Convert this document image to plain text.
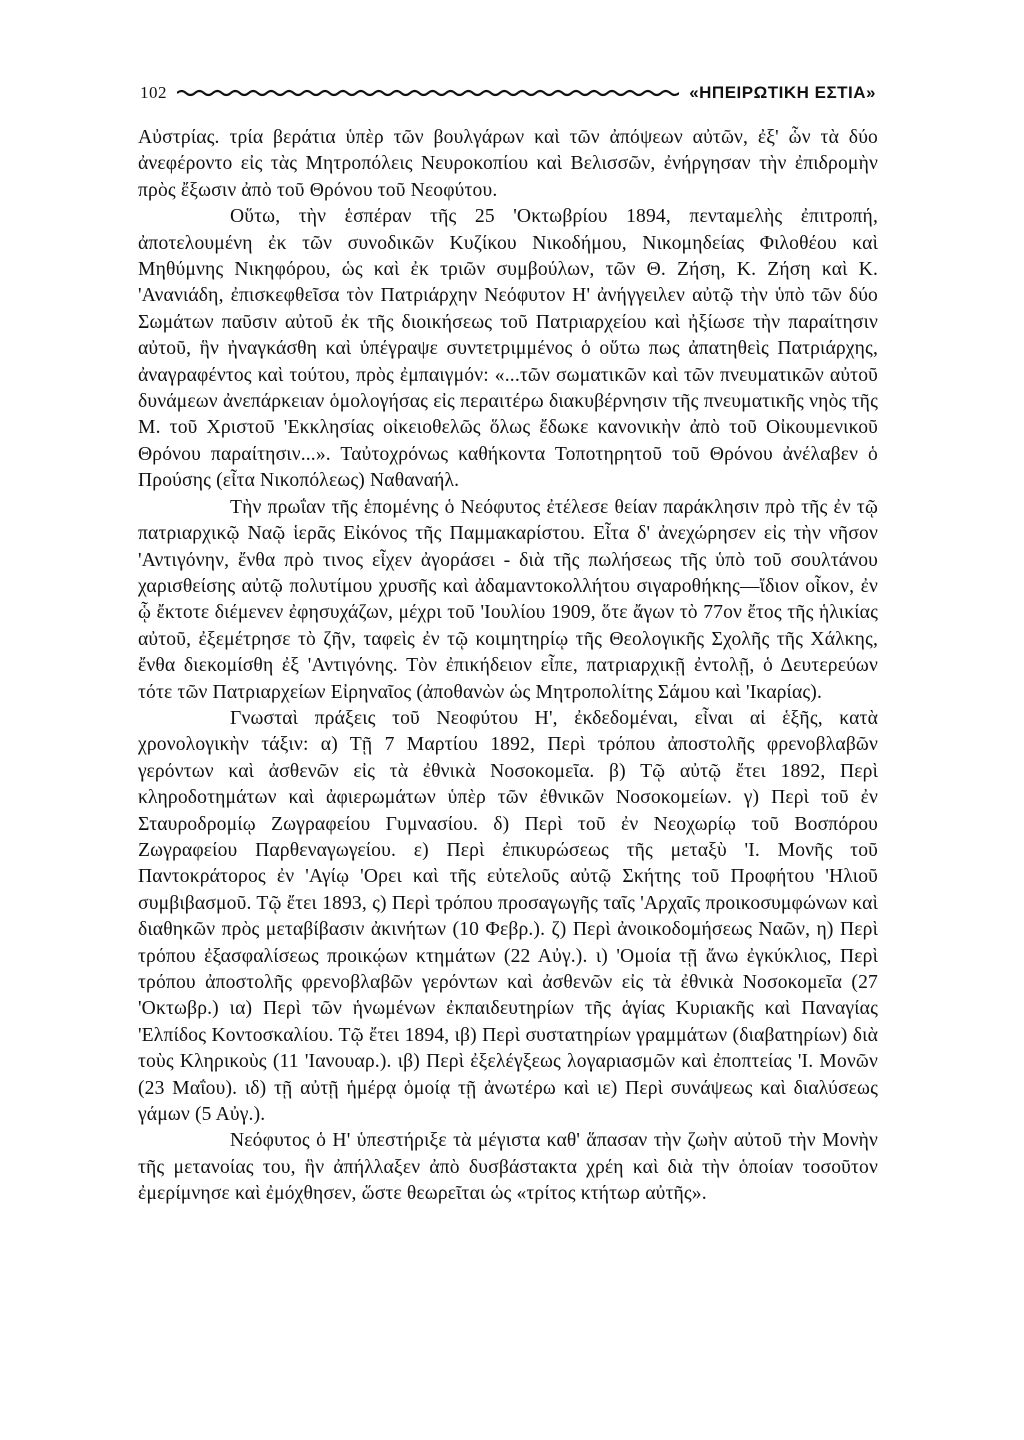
102	«ΗΠΕΙΡΩΤΙΚΗ ΕΣΤΙΑ»

Αὐστρίας. τρία βεράτια ὑπὲρ τῶν βουλγάρων καὶ τῶν ἀπόψεων αὐτῶν, ἐξ' ὧν τὰ δύο ἀνεφέροντο εἰς τὰς Μητροπόλεις Νευροκοπίου καὶ Βελισσῶν, ἐνήργησαν τὴν ἐπιδρομὴν πρὸς ἔξωσιν ἀπὸ τοῦ Θρόνου τοῦ Νεοφύτου.

Οὕτω, τὴν ἑσπέραν τῆς 25 'Οκτωβρίου 1894, πενταμελὴς ἐπιτροπή, ἀποτελουμένη ἐκ τῶν συνοδικῶν Κυζίκου Νικοδήμου, Νικομηδείας Φιλοθέου καὶ Μηθύμνης Νικηφόρου, ὡς καὶ ἐκ τριῶν συμβούλων, τῶν Θ. Ζήση, Κ. Ζήση καὶ Κ. 'Ανανιάδη, ἐπισκεφθεῖσα τὸν Πατριάρχην Νεόφυτον Η' ἀνήγγειλεν αὐτῷ τὴν ὑπὸ τῶν δύο Σωμάτων παῦσιν αὐτοῦ ἐκ τῆς διοικήσεως τοῦ Πατριαρχείου καὶ ἠξίωσε τὴν παραίτησιν αὐτοῦ, ἣν ἠναγκάσθη καὶ ὑπέγραψε συντετριμμένος ὁ οὕτω πως ἀπατηθεὶς Πατριάρχης, ἀναγραφέντος καὶ τούτου, πρὸς ἐμπαιγμόν: «...τῶν σωματικῶν καὶ τῶν πνευματικῶν αὐτοῦ δυνάμεων ἀνεπάρκειαν ὁμολογήσας εἰς περαιτέρω διακυβέρνησιν τῆς πνευματικῆς νηὸς τῆς Μ. τοῦ Χριστοῦ 'Εκκλησίας οἰκειοθελῶς ὅλως ἔδωκε κανονικὴν ἀπὸ τοῦ Οἰκουμενικοῦ Θρόνου παραίτησιν...». Ταὐτοχρόνως καθήκοντα Τοποτηρητοῦ τοῦ Θρόνου ἀνέλαβεν ὁ Προύσης (εἶτα Νικοπόλεως) Ναθαναήλ.

Τὴν πρωΐαν τῆς ἑπομένης ὁ Νεόφυτος ἐτέλεσε θείαν παράκλησιν πρὸ τῆς ἐν τῷ πατριαρχικῷ Ναῷ ἱερᾶς Εἰκόνος τῆς Παμμακαρίστου. Εἶτα δ' ἀνεχώρησεν εἰς τὴν νῆσον 'Αντιγόνην, ἔνθα πρὸ τινος εἶχεν ἀγοράσει - διὰ τῆς πωλήσεως τῆς ὑπὸ τοῦ σουλτάνου χαρισθείσης αὐτῷ πολυτίμου χρυσῆς καὶ ἀδαμαντοκολλήτου σιγαροθήκης—ἴδιον οἶκον, ἐν ᾧ ἔκτοτε διέμενεν ἐφησυχάζων, μέχρι τοῦ 'Ιουλίου 1909, ὅτε ἄγων τὸ 77ον ἔτος τῆς ἡλικίας αὐτοῦ, ἐξεμέτρησε τὸ ζῆν, ταφεὶς ἐν τῷ κοιμητηρίῳ τῆς Θεολογικῆς Σχολῆς τῆς Χάλκης, ἔνθα διεκομίσθη ἐξ 'Αντιγόνης. Τὸν ἐπικήδειον εἶπε, πατριαρχικῇ ἐντολῇ, ὁ Δευτερεύων τότε τῶν Πατριαρχείων Εἰρηναῖος (ἀποθανὼν ὡς Μητροπολίτης Σάμου καὶ 'Ικαρίας).

Γνωσταὶ πράξεις τοῦ Νεοφύτου Η', ἐκδεδομέναι, εἶναι αἱ ἑξῆς, κατὰ χρονολογικὴν τάξιν: α) Τῇ 7 Μαρτίου 1892, Περὶ τρόπου ἀποστολῆς φρενοβλαβῶν γερόντων καὶ ἀσθενῶν εἰς τὰ ἐθνικὰ Νοσοκομεῖα. β) Τῷ αὐτῷ ἔτει 1892, Περὶ κληροδοτημάτων καὶ ἀφιερωμάτων ὑπὲρ τῶν ἐθνικῶν Νοσοκομείων. γ) Περὶ τοῦ ἐν Σταυροδρομίῳ Ζωγραφείου Γυμνασίου. δ) Περὶ τοῦ ἐν Νεοχωρίῳ τοῦ Βοσπόρου Ζωγραφείου Παρθεναγωγείου. ε) Περὶ ἐπικυρώσεως τῆς μεταξὺ 'Ι. Μονῆς τοῦ Παντοκράτορος ἐν 'Αγίῳ 'Ορει καὶ τῆς εὐτελοῦς αὐτῷ Σκήτης τοῦ Προφήτου 'Ηλιοῦ συμβιβασμοῦ. Τῷ ἔτει 1893, ς) Περὶ τρόπου προσαγωγῆς ταῖς 'Αρχαῖς προικοσυμφώνων καὶ διαθηκῶν πρὸς μεταβίβασιν ἀκινήτων (10 Φεβρ.). ζ) Περὶ ἀνοικοδομήσεως Ναῶν, η) Περὶ τρόπου ἐξασφαλίσεως προικῴων κτημάτων (22 Αὐγ.). ι) 'Ομοία τῇ ἄνω ἐγκύκλιος, Περὶ τρόπου ἀποστολῆς φρενοβλαβῶν γερόντων καὶ ἀσθενῶν εἰς τὰ ἐθνικὰ Νοσοκομεῖα (27 'Οκτωβρ.) ια) Περὶ τῶν ἡνωμένων ἐκπαιδευτηρίων τῆς ἁγίας Κυριακῆς καὶ Παναγίας 'Ελπίδος Κοντοσκαλίου. Τῷ ἔτει 1894, ιβ) Περὶ συστατηρίων γραμμάτων (διαβατηρίων) διὰ τοὺς Κληρικοὺς (11 'Ιανουαρ.). ιβ) Περὶ ἐξελέγξεως λογαριασμῶν καὶ ἐποπτείας 'Ι. Μονῶν (23 Μαΐου). ιδ) τῇ αὐτῇ ἡμέρᾳ ὁμοίᾳ τῇ ἀνωτέρω καὶ ιε) Περὶ συνάψεως καὶ διαλύσεως γάμων (5 Αὐγ.).

Νεόφυτος ὁ Η' ὑπεστήριξε τὰ μέγιστα καθ' ἅπασαν τὴν ζωὴν αὐτοῦ τὴν Μονὴν τῆς μετανοίας του, ἣν ἀπήλλαξεν ἀπὸ δυσβάστακτα χρέη καὶ διὰ τὴν ὁποίαν τοσοῦτον ἐμερίμνησε καὶ ἐμόχθησεν, ὥστε θεωρεῖται ὡς «τρίτος κτήτωρ αὐτῆς».
